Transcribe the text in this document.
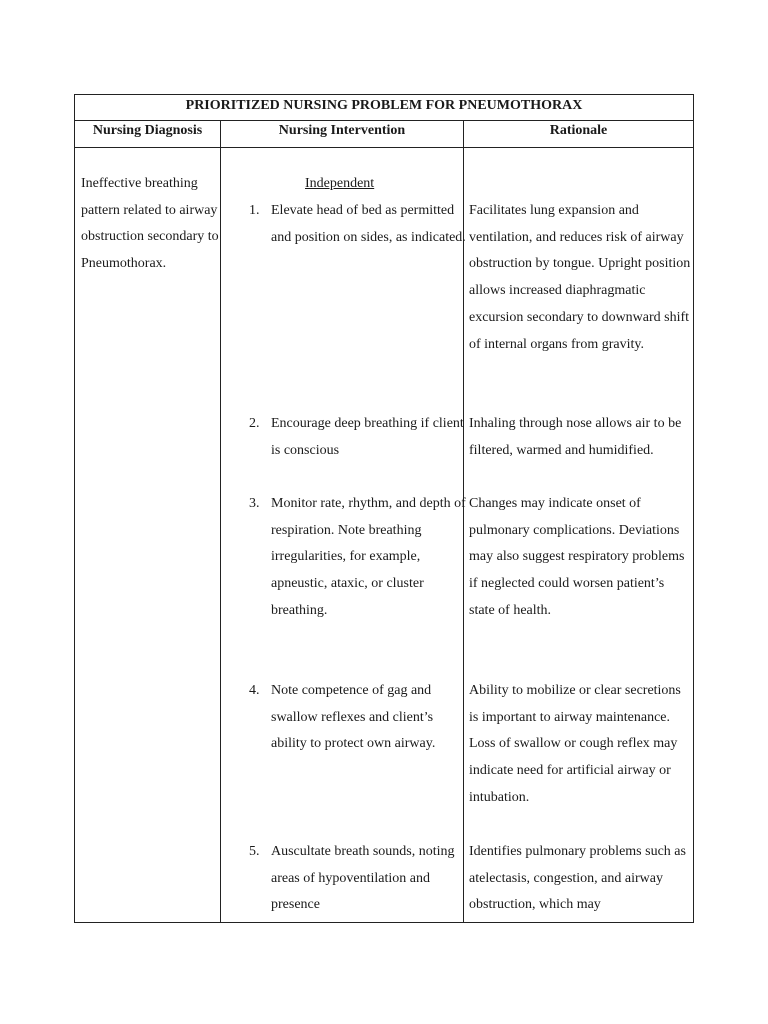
PRIORITIZED NURSING PROBLEM FOR PNEUMOTHORAX
Nursing Diagnosis	Nursing Intervention	Rationale
Ineffective breathing pattern related to airway obstruction secondary to Pneumothorax.
Independent
1. Elevate head of bed as permitted and position on sides, as indicated.
Facilitates lung expansion and ventilation, and reduces risk of airway obstruction by tongue. Upright position allows increased diaphragmatic excursion secondary to downward shift of internal organs from gravity.
2. Encourage deep breathing if client is conscious
Inhaling through nose allows air to be filtered, warmed and humidified.
3. Monitor rate, rhythm, and depth of respiration. Note breathing irregularities, for example, apneustic, ataxic, or cluster breathing.
Changes may indicate onset of pulmonary complications. Deviations may also suggest respiratory problems if neglected could worsen patient’s state of health.
4. Note competence of gag and swallow reflexes and client’s ability to protect own airway.
Ability to mobilize or clear secretions is important to airway maintenance. Loss of swallow or cough reflex may indicate need for artificial airway or intubation.
5. Auscultate breath sounds, noting areas of hypoventilation and presence
Identifies pulmonary problems such as atelectasis, congestion, and airway obstruction, which may
